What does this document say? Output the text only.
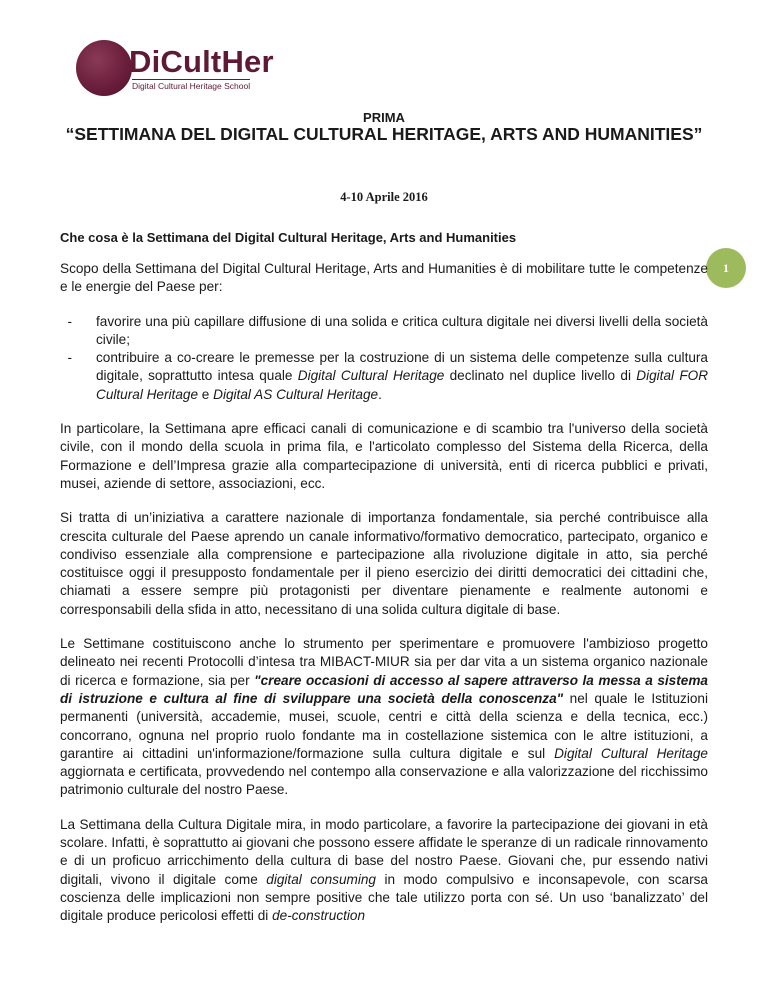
DiCultHer
Digital Cultural Heritage School
PRIMA
“SETTIMANA DEL DIGITAL CULTURAL HERITAGE, ARTS AND HUMANITIES”
4-10 Aprile 2016
Che cosa è la Settimana del Digital Cultural Heritage, Arts and Humanities
1

Scopo della Settimana del Digital Cultural Heritage, Arts and Humanities è di mobilitare tutte le competenze e le energie del Paese per:

- favorire una più capillare diffusione di una solida e critica cultura digitale nei diversi livelli della società civile;
- contribuire a co-creare le premesse per la costruzione di un sistema delle competenze sulla cultura digitale, soprattutto intesa quale Digital Cultural Heritage declinato nel duplice livello di Digital FOR Cultural Heritage e Digital AS Cultural Heritage.

In particolare, la Settimana apre efficaci canali di comunicazione e di scambio tra l'universo della società civile, con il mondo della scuola in prima fila, e l'articolato complesso del Sistema della Ricerca, della Formazione e dell’Impresa grazie alla compartecipazione di università, enti di ricerca pubblici e privati, musei, aziende di settore, associazioni, ecc.

Si tratta di un’iniziativa a carattere nazionale di importanza fondamentale, sia perché contribuisce alla crescita culturale del Paese aprendo un canale informativo/formativo democratico, partecipato, organico e condiviso essenziale alla comprensione e partecipazione alla rivoluzione digitale in atto, sia perché costituisce oggi il presupposto fondamentale per il pieno esercizio dei diritti democratici dei cittadini che, chiamati a essere sempre più protagonisti per diventare pienamente e realmente autonomi e corresponsabili della sfida in atto, necessitano di una solida cultura digitale di base.

Le Settimane costituiscono anche lo strumento per sperimentare e promuovere l'ambizioso progetto delineato nei recenti Protocolli d’intesa tra MIBACT-MIUR sia per dar vita a un sistema organico nazionale di ricerca e formazione, sia per "creare occasioni di accesso al sapere attraverso la messa a sistema di istruzione e cultura al fine di sviluppare una società della conoscenza" nel quale le Istituzioni permanenti (università, accademie, musei, scuole, centri e città della scienza e della tecnica, ecc.) concorrano, ognuna nel proprio ruolo fondante ma in costellazione sistemica con le altre istituzioni, a garantire ai cittadini un'informazione/formazione sulla cultura digitale e sul Digital Cultural Heritage aggiornata e certificata, provvedendo nel contempo alla conservazione e alla valorizzazione del ricchissimo patrimonio culturale del nostro Paese.

La Settimana della Cultura Digitale mira, in modo particolare, a favorire la partecipazione dei giovani in età scolare. Infatti, è soprattutto ai giovani che possono essere affidate le speranze di un radicale rinnovamento e di un proficuo arricchimento della cultura di base del nostro Paese. Giovani che, pur essendo nativi digitali, vivono il digitale come digital consuming in modo compulsivo e inconsapevole, con scarsa coscienza delle implicazioni non sempre positive che tale utilizzo porta con sé. Un uso ‘banalizzato’ del digitale produce pericolosi effetti di de-construction
